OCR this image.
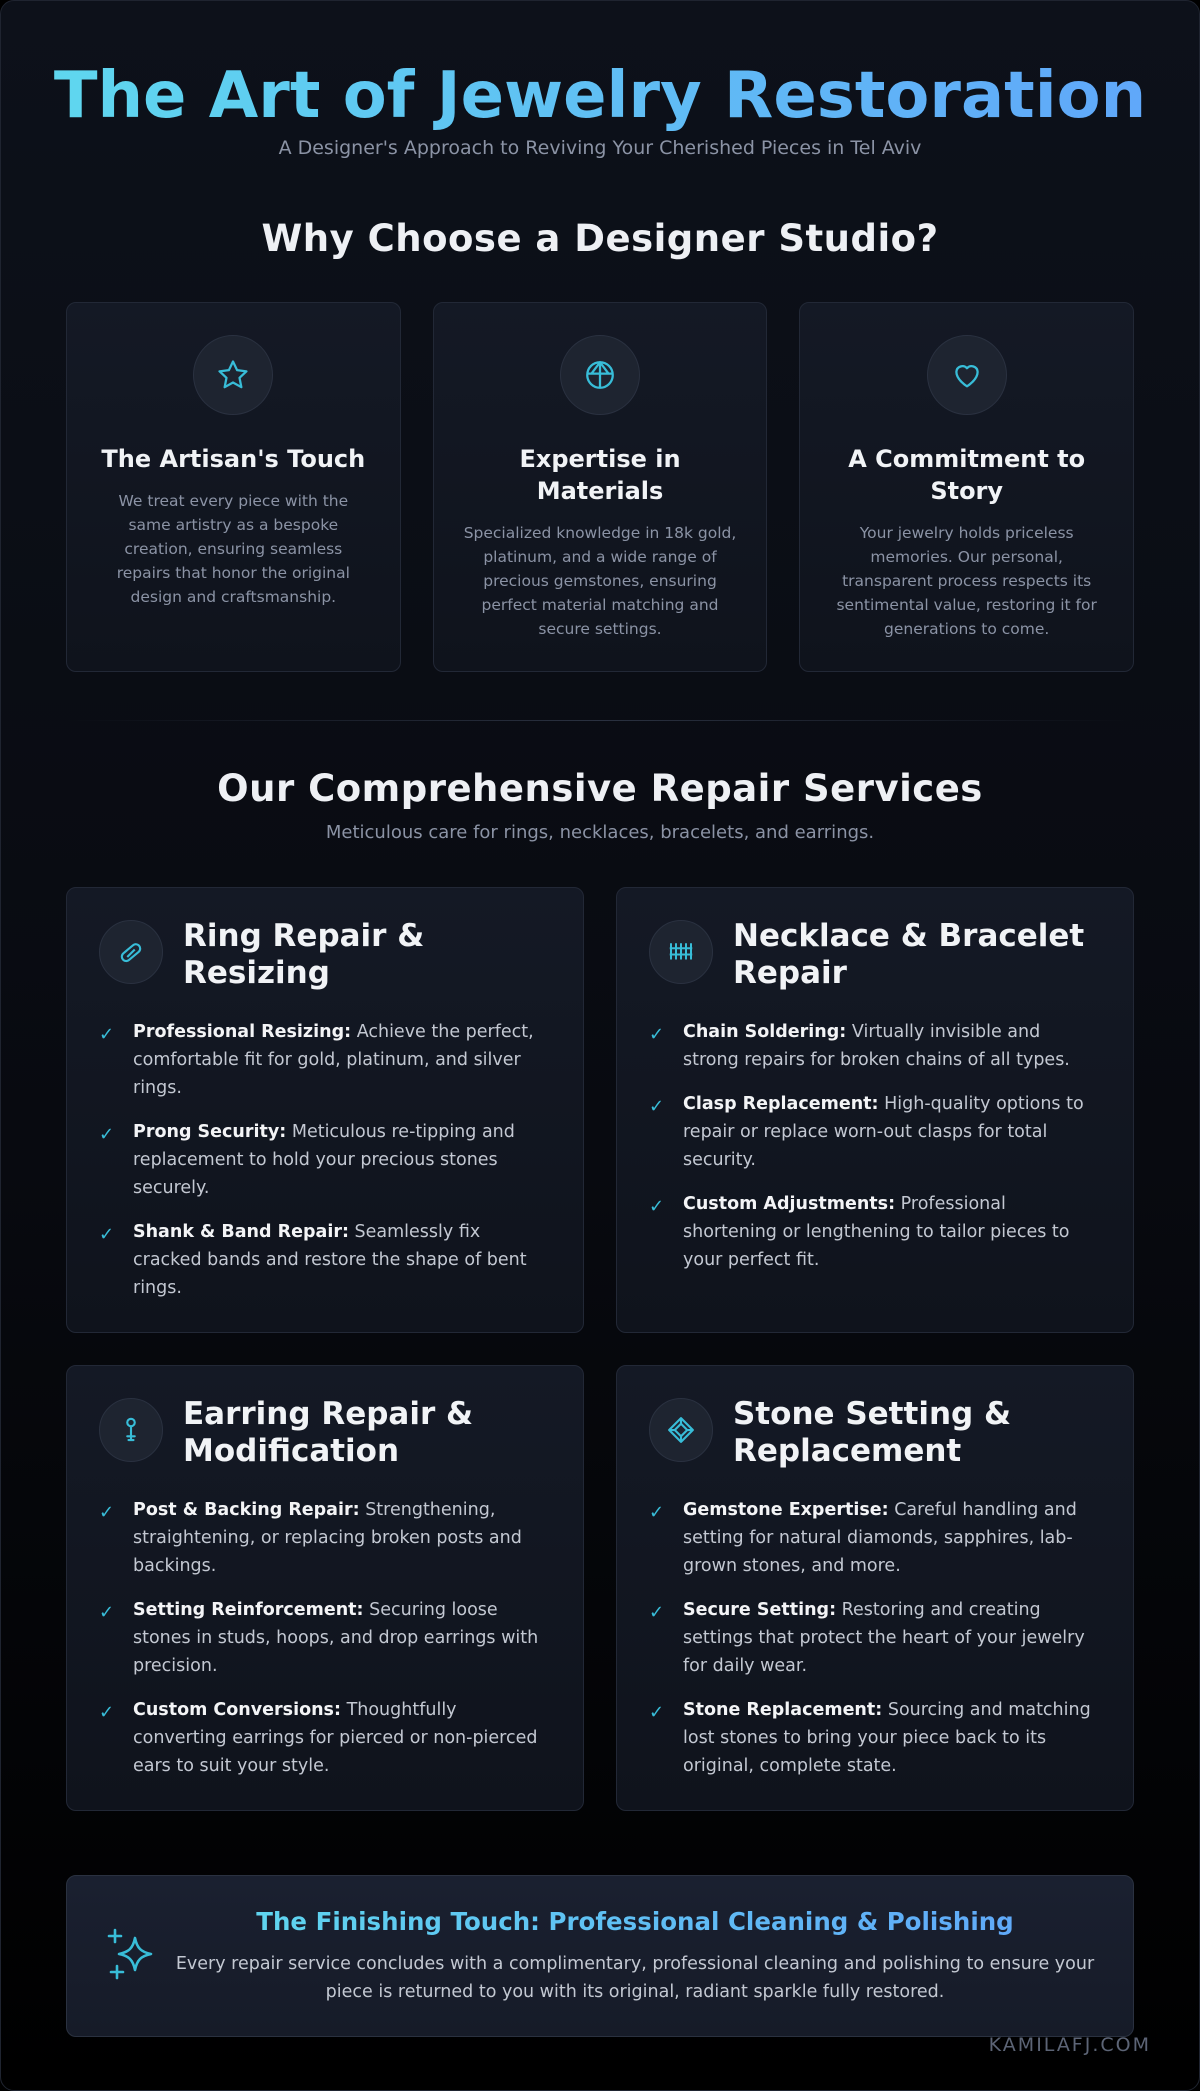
The Art of Jewelry Restoration

A Designer's Approach to Reviving Your Cherished Pieces in Tel Aviv

Why Choose a Designer Studio?
The Artisan's Touch
We treat every piece with the same artistry as a bespoke creation, ensuring seamless repairs that honor the original design and craftsmanship.
Expertise in Materials
Specialized knowledge in 18k gold, platinum, and a wide range of precious gemstones, ensuring perfect material matching and secure settings.
A Commitment to Story
Your jewelry holds priceless memories. Our personal, transparent process respects its sentimental value, restoring it for generations to come.
Our Comprehensive Repair Services

Meticulous care for rings, necklaces, bracelets, and earrings.

Ring Repair & Resizing
✓	Professional Resizing: Achieve the perfect, comfortable fit for gold, platinum, and silver rings.
✓	Prong Security: Meticulous re-tipping and replacement to hold your precious stones securely.
✓	Shank & Band Repair: Seamlessly fix cracked bands and restore the shape of bent rings.
Necklace & Bracelet Repair
✓	Chain Soldering: Virtually invisible and strong repairs for broken chains of all types.
✓	Clasp Replacement: High-quality options to repair or replace worn-out clasps for total security.
✓	Custom Adjustments: Professional shortening or lengthening to tailor pieces to your perfect fit.
Earring Repair & Modification
✓	Post & Backing Repair: Strengthening, straightening, or replacing broken posts and backings.
✓	Setting Reinforcement: Securing loose stones in studs, hoops, and drop earrings with precision.
✓	Custom Conversions: Thoughtfully converting earrings for pierced or non-pierced ears to suit your style.
Stone Setting & Replacement
✓	Gemstone Expertise: Careful handling and setting for natural diamonds, sapphires, lab-grown stones, and more.
✓	Secure Setting: Restoring and creating settings that protect the heart of your jewelry for daily wear.
✓	Stone Replacement: Sourcing and matching lost stones to bring your piece back to its original, complete state.
The Finishing Touch: Professional Cleaning & Polishing
Every repair service concludes with a complimentary, professional cleaning and polishing to ensure your piece is returned to you with its original, radiant sparkle fully restored.
KAMILAFJ.COM
